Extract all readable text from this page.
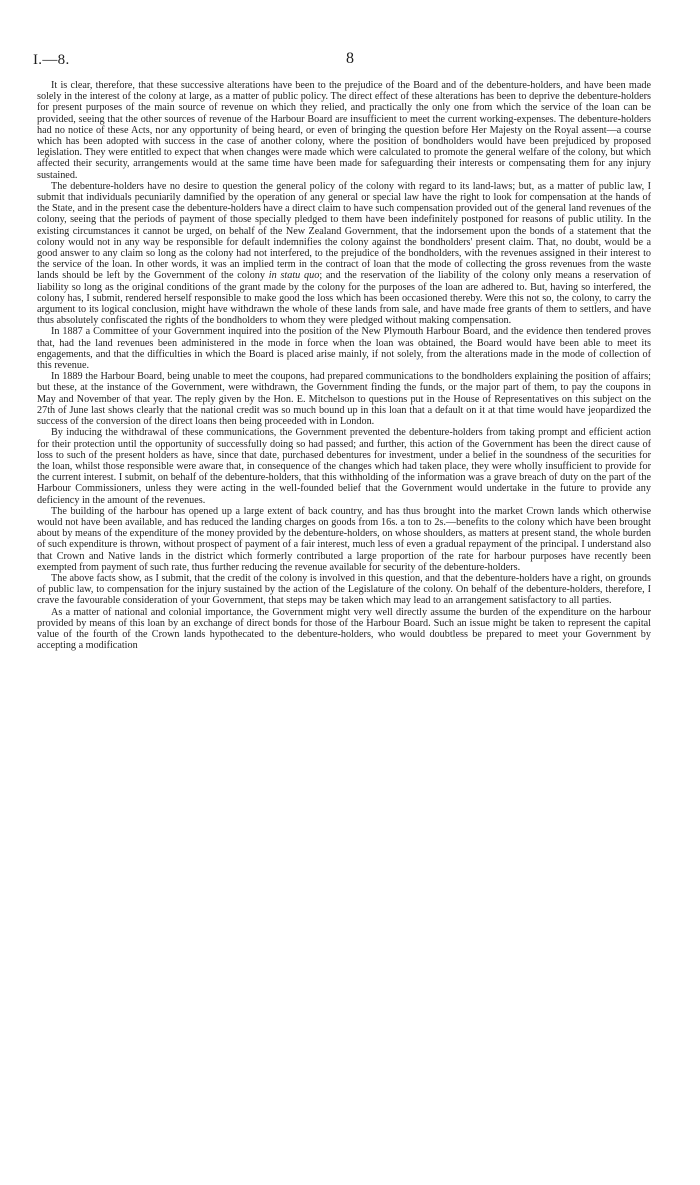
I.—8.	8

It is clear, therefore, that these successive alterations have been to the prejudice of the Board and of the debenture-holders, and have been made solely in the interest of the colony at large, as a matter of public policy. The direct effect of these alterations has been to deprive the debenture-holders for present purposes of the main source of revenue on which they relied, and practically the only one from which the service of the loan can be provided, seeing that the other sources of revenue of the Harbour Board are insufficient to meet the current working-expenses. The debenture-holders had no notice of these Acts, nor any opportunity of being heard, or even of bringing the question before Her Majesty on the Royal assent—a course which has been adopted with success in the case of another colony, where the position of bondholders would have been prejudiced by proposed legislation. They were entitled to expect that when changes were made which were calculated to promote the general welfare of the colony, but which affected their security, arrangements would at the same time have been made for safeguarding their interests or compensating them for any injury sustained.

The debenture-holders have no desire to question the general policy of the colony with regard to its land-laws; but, as a matter of public law, I submit that individuals pecuniarily damnified by the operation of any general or special law have the right to look for compensation at the hands of the State, and in the present case the debenture-holders have a direct claim to have such compensation provided out of the general land revenues of the colony, seeing that the periods of payment of those specially pledged to them have been indefinitely postponed for reasons of public utility. In the existing circumstances it cannot be urged, on behalf of the New Zealand Government, that the indorsement upon the bonds of a statement that the colony would not in any way be responsible for default indemnifies the colony against the bondholders' present claim. That, no doubt, would be a good answer to any claim so long as the colony had not interfered, to the prejudice of the bondholders, with the revenues assigned in their interest to the service of the loan. In other words, it was an implied term in the contract of loan that the mode of collecting the gross revenues from the waste lands should be left by the Government of the colony in statu quo; and the reservation of the liability of the colony only means a reservation of liability so long as the original conditions of the grant made by the colony for the purposes of the loan are adhered to. But, having so interfered, the colony has, I submit, rendered herself responsible to make good the loss which has been occasioned thereby. Were this not so, the colony, to carry the argument to its logical conclusion, might have withdrawn the whole of these lands from sale, and have made free grants of them to settlers, and have thus absolutely confiscated the rights of the bondholders to whom they were pledged without making compensation.

In 1887 a Committee of your Government inquired into the position of the New Plymouth Harbour Board, and the evidence then tendered proves that, had the land revenues been administered in the mode in force when the loan was obtained, the Board would have been able to meet its engagements, and that the difficulties in which the Board is placed arise mainly, if not solely, from the alterations made in the mode of collection of this revenue.

In 1889 the Harbour Board, being unable to meet the coupons, had prepared communications to the bondholders explaining the position of affairs; but these, at the instance of the Government, were withdrawn, the Government finding the funds, or the major part of them, to pay the coupons in May and November of that year. The reply given by the Hon. E. Mitchelson to questions put in the House of Representatives on this subject on the 27th of June last shows clearly that the national credit was so much bound up in this loan that a default on it at that time would have jeopardized the success of the conversion of the direct loans then being proceeded with in London.

By inducing the withdrawal of these communications, the Government prevented the debenture-holders from taking prompt and efficient action for their protection until the opportunity of successfully doing so had passed; and further, this action of the Government has been the direct cause of loss to such of the present holders as have, since that date, purchased debentures for investment, under a belief in the soundness of the securities for the loan, whilst those responsible were aware that, in consequence of the changes which had taken place, they were wholly insufficient to provide for the current interest. I submit, on behalf of the debenture-holders, that this withholding of the information was a grave breach of duty on the part of the Harbour Commissioners, unless they were acting in the well-founded belief that the Government would undertake in the future to provide any deficiency in the amount of the revenues.

The building of the harbour has opened up a large extent of back country, and has thus brought into the market Crown lands which otherwise would not have been available, and has reduced the landing charges on goods from 16s. a ton to 2s.—benefits to the colony which have been brought about by means of the expenditure of the money provided by the debenture-holders, on whose shoulders, as matters at present stand, the whole burden of such expenditure is thrown, without prospect of payment of a fair interest, much less of even a gradual repayment of the principal. I understand also that Crown and Native lands in the district which formerly contributed a large proportion of the rate for harbour purposes have recently been exempted from payment of such rate, thus further reducing the revenue available for security of the debenture-holders.

The above facts show, as I submit, that the credit of the colony is involved in this question, and that the debenture-holders have a right, on grounds of public law, to compensation for the injury sustained by the action of the Legislature of the colony. On behalf of the debenture-holders, therefore, I crave the favourable consideration of your Government, that steps may be taken which may lead to an arrangement satisfactory to all parties.

As a matter of national and colonial importance, the Government might very well directly assume the burden of the expenditure on the harbour provided by means of this loan by an exchange of direct bonds for those of the Harbour Board. Such an issue might be taken to represent the capital value of the fourth of the Crown lands hypothecated to the debenture-holders, who would doubtless be prepared to meet your Government by accepting a modification
